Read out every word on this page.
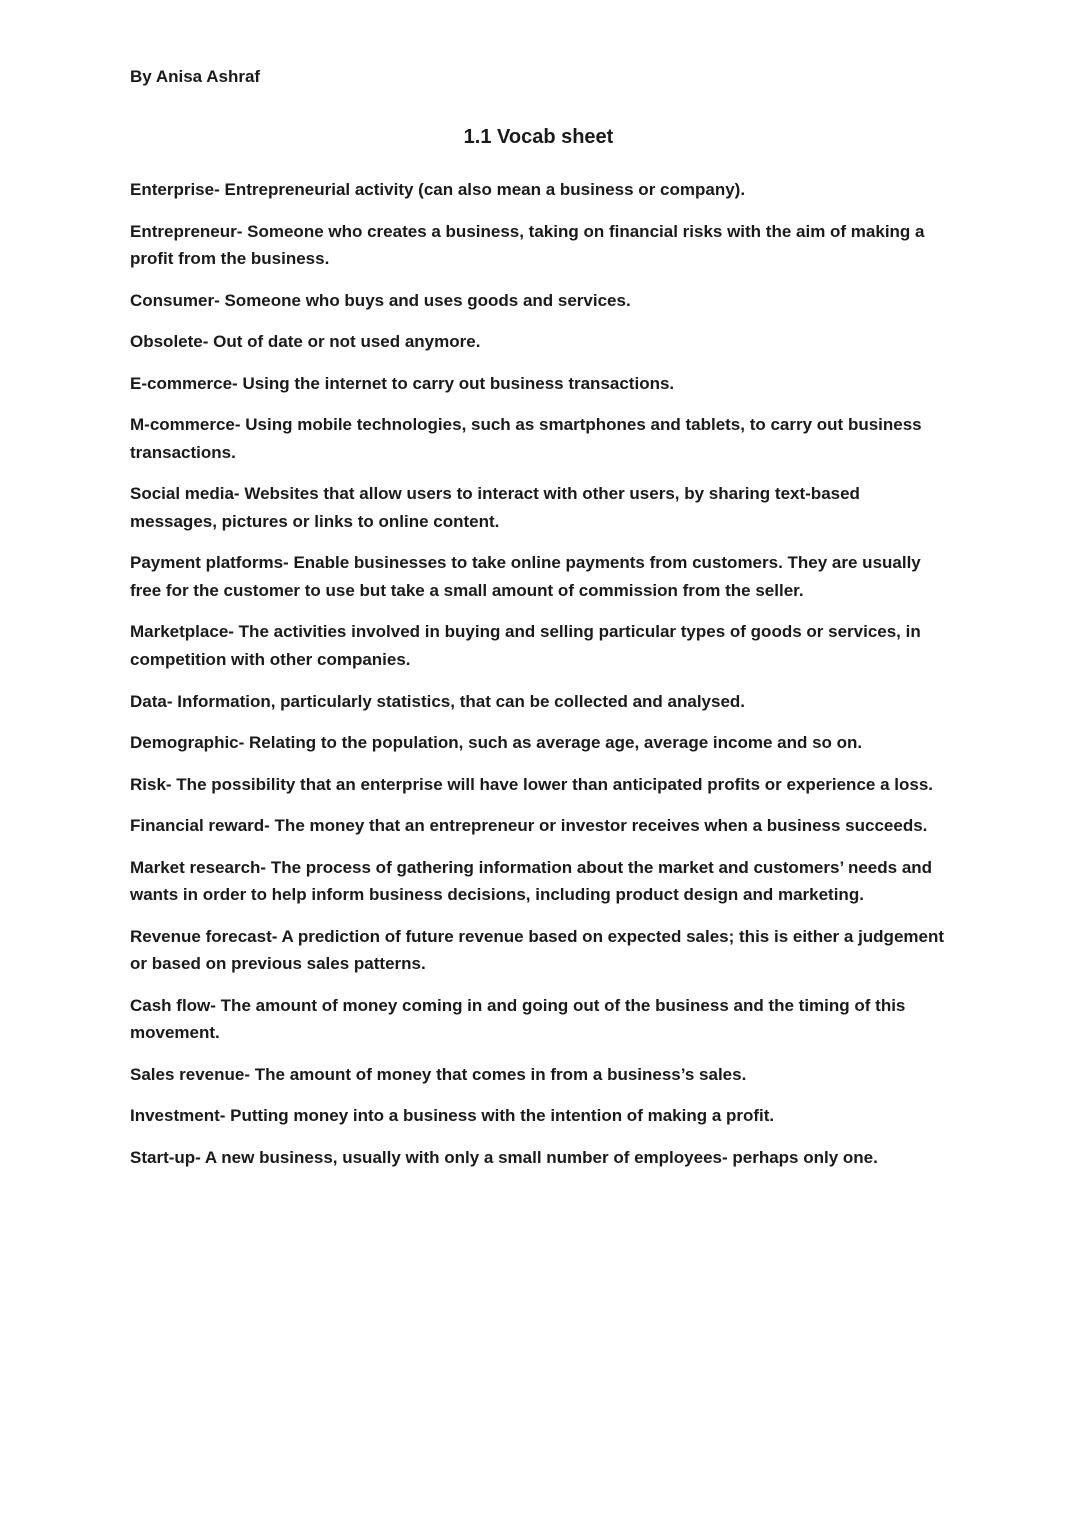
By Anisa Ashraf

1.1 Vocab sheet

Enterprise- Entrepreneurial activity (can also mean a business or company).

Entrepreneur- Someone who creates a business, taking on financial risks with the aim of making a profit from the business.

Consumer- Someone who buys and uses goods and services.

Obsolete- Out of date or not used anymore.

E-commerce- Using the internet to carry out business transactions.

M-commerce- Using mobile technologies, such as smartphones and tablets, to carry out business transactions.

Social media- Websites that allow users to interact with other users, by sharing text-based messages, pictures or links to online content.

Payment platforms- Enable businesses to take online payments from customers. They are usually free for the customer to use but take a small amount of commission from the seller.

Marketplace- The activities involved in buying and selling particular types of goods or services, in competition with other companies.

Data- Information, particularly statistics, that can be collected and analysed.

Demographic- Relating to the population, such as average age, average income and so on.

Risk- The possibility that an enterprise will have lower than anticipated profits or experience a loss.

Financial reward- The money that an entrepreneur or investor receives when a business succeeds.

Market research- The process of gathering information about the market and customers’ needs and wants in order to help inform business decisions, including product design and marketing.

Revenue forecast- A prediction of future revenue based on expected sales; this is either a judgement or based on previous sales patterns.

Cash flow- The amount of money coming in and going out of the business and the timing of this movement.

Sales revenue- The amount of money that comes in from a business’s sales.

Investment- Putting money into a business with the intention of making a profit.

Start-up- A new business, usually with only a small number of employees- perhaps only one.
